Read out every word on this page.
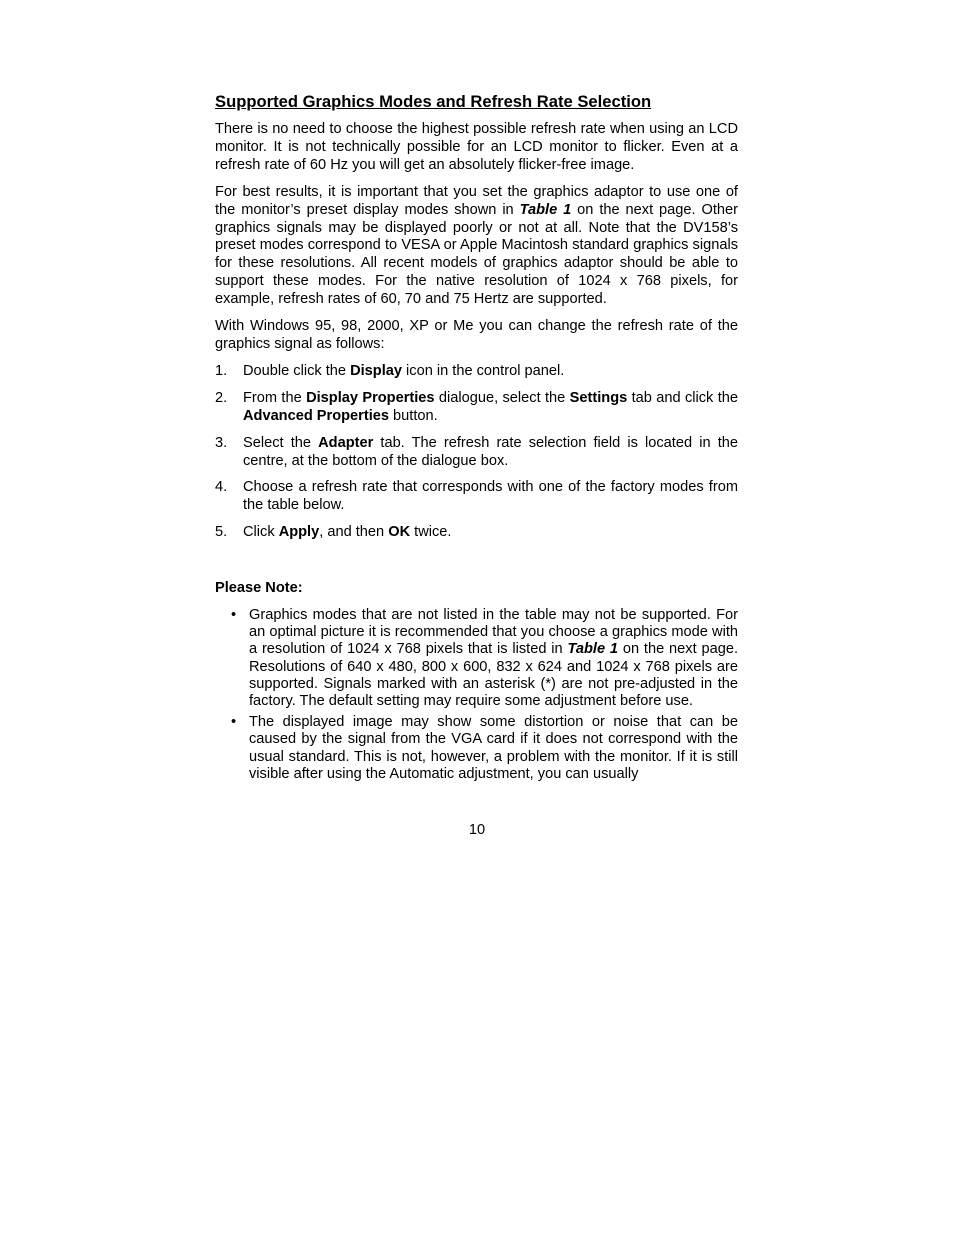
Supported Graphics Modes and Refresh Rate Selection

There is no need to choose the highest possible refresh rate when using an LCD monitor. It is not technically possible for an LCD monitor to flicker. Even at a refresh rate of 60 Hz you will get an absolutely flicker-free image.

For best results, it is important that you set the graphics adaptor to use one of the monitor’s preset display modes shown in Table 1 on the next page. Other graphics signals may be displayed poorly or not at all. Note that the DV158’s preset modes correspond to VESA or Apple Macintosh standard graphics signals for these resolutions. All recent models of graphics adaptor should be able to support these modes. For the native resolution of 1024 x 768 pixels, for example, refresh rates of 60, 70 and 75 Hertz are supported.

With Windows 95, 98, 2000, XP or Me you can change the refresh rate of the graphics signal as follows:

1. Double click the Display icon in the control panel.
2. From the Display Properties dialogue, select the Settings tab and click the Advanced Properties button.
3. Select the Adapter tab. The refresh rate selection field is located in the centre, at the bottom of the dialogue box.
4. Choose a refresh rate that corresponds with one of the factory modes from the table below.
5. Click Apply, and then OK twice.
Please Note:
• Graphics modes that are not listed in the table may not be supported. For an optimal picture it is recommended that you choose a graphics mode with a resolution of 1024 x 768 pixels that is listed in Table 1 on the next page. Resolutions of 640 x 480, 800 x 600, 832 x 624 and 1024 x 768 pixels are supported. Signals marked with an asterisk (*) are not pre-adjusted in the factory. The default setting may require some adjustment before use.
• The displayed image may show some distortion or noise that can be caused by the signal from the VGA card if it does not correspond with the usual standard. This is not, however, a problem with the monitor. If it is still visible after using the Automatic adjustment, you can usually
10
